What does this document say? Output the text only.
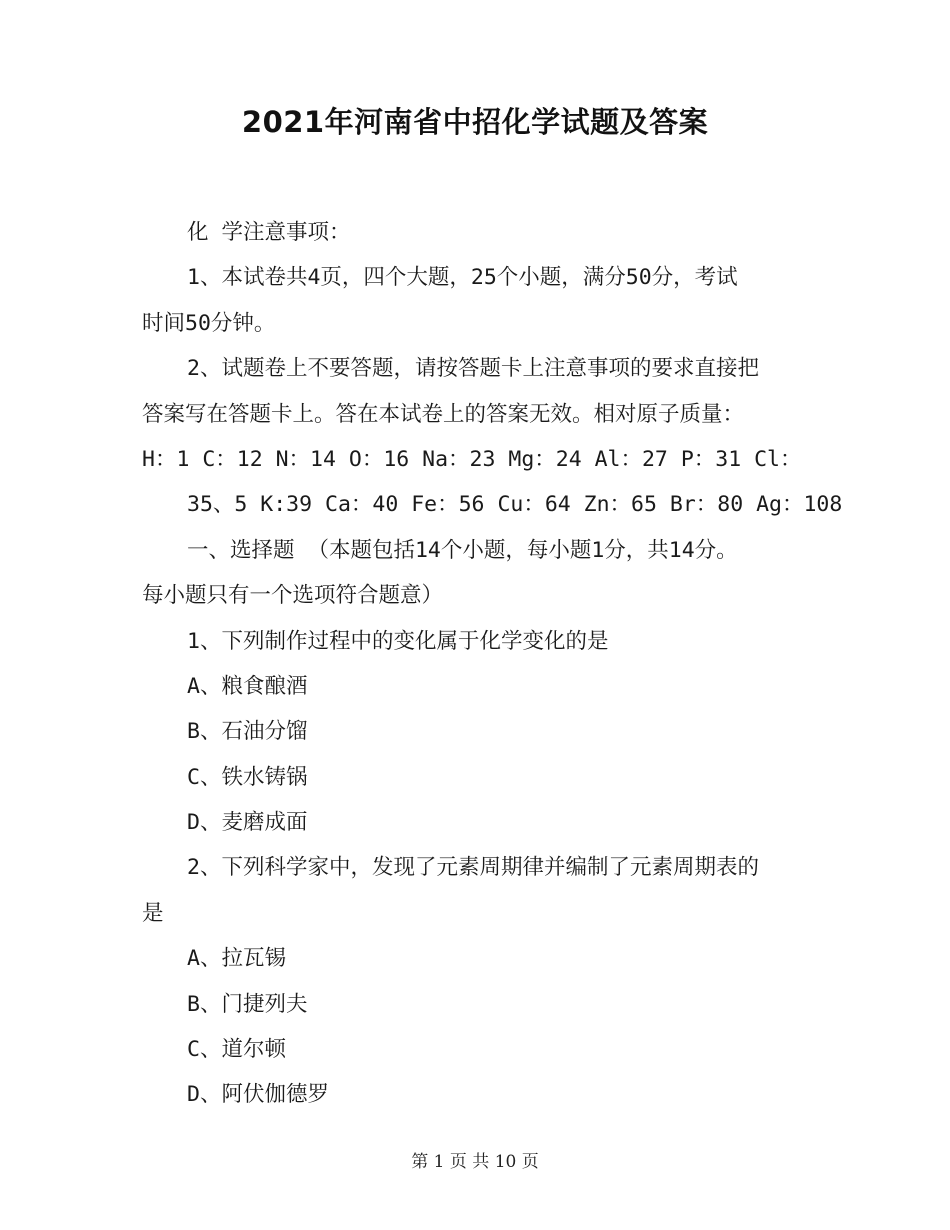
2021年河南省中招化学试题及答案
化 学注意事项：
1、本试卷共4页，四个大题，25个小题，满分50分，考试
时间50分钟。
2、试题卷上不要答题，请按答题卡上注意事项的要求直接把
答案写在答题卡上。答在本试卷上的答案无效。相对原子质量：
H：1 C：12 N：14 O：16 Na：23 Mg：24 Al：27 P：31 Cl：
35、5 K:39 Ca：40 Fe：56 Cu：64 Zn：65 Br：80 Ag：108
一、选择题 （本题包括14个小题，每小题1分，共14分。
每小题只有一个选项符合题意）
1、下列制作过程中的变化属于化学变化的是
A、粮食酿酒
B、石油分馏
C、铁水铸锅
D、麦磨成面
2、下列科学家中，发现了元素周期律并编制了元素周期表的
是
A、拉瓦锡
B、门捷列夫
C、道尔顿
D、阿伏伽德罗
第 1 页 共 10 页
